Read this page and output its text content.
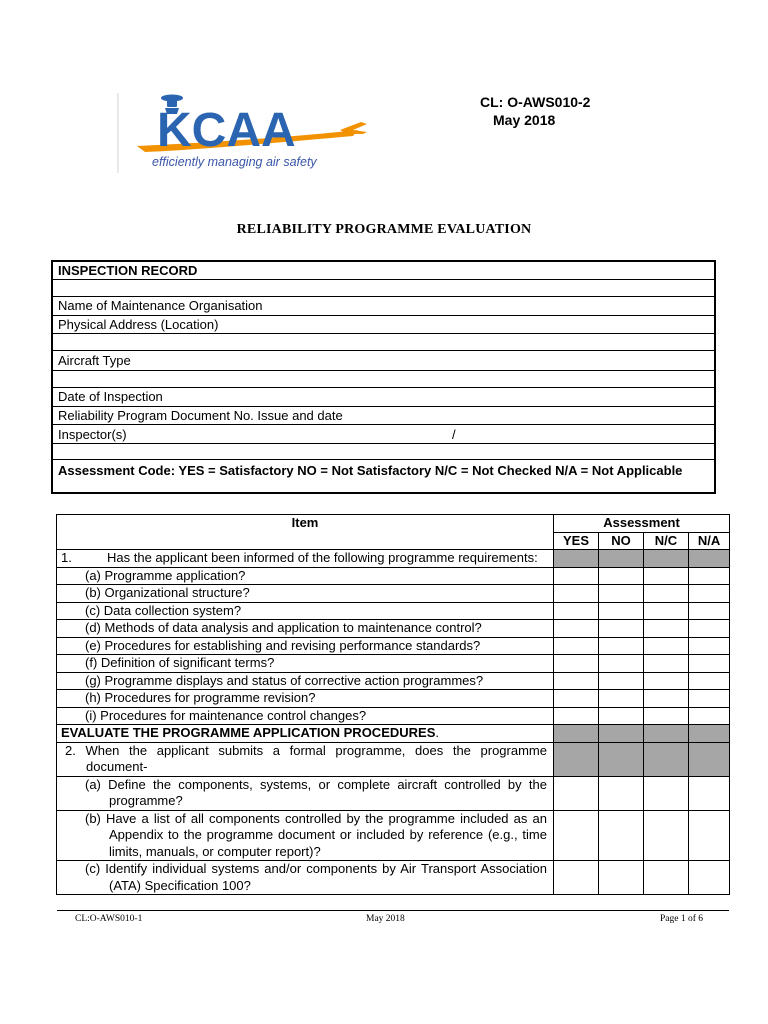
KCAA
efficiently managing air safety
CL: O-AWS010-2
May 2018
RELIABILITY PROGRAMME EVALUATION
INSPECTION RECORD
Name of Maintenance Organisation
Physical Address (Location)
Aircraft Type
Date of Inspection
Reliability Program Document No. Issue and date
Inspector(s)	/
Assessment Code: YES = Satisfactory NO = Not Satisfactory N/C = Not Checked N/A = Not Applicable
Item	Assessment			
	YES	NO	N/C	N/A
1. Has the applicant been informed of the following programme requirements:				
(a) Programme application?				
(b) Organizational structure?				
(c) Data collection system?				
(d) Methods of data analysis and application to maintenance control?				
(e) Procedures for establishing and revising performance standards?				
(f) Definition of significant terms?				
(g) Programme displays and status of corrective action programmes?				
(h) Procedures for programme revision?				
(i) Procedures for maintenance control changes?				
EVALUATE THE PROGRAMME APPLICATION PROCEDURES.				
2. When the applicant submits a formal programme, does the programme document-				
(a) Define the components, systems, or complete aircraft controlled by the programme?				
(b) Have a list of all components controlled by the programme included as an Appendix to the programme document or included by reference (e.g., time limits, manuals, or computer report)?				
(c) Identify individual systems and/or components by Air Transport Association (ATA) Specification 100?				
CL:O-AWS010-1	May 2018	Page 1 of 6
